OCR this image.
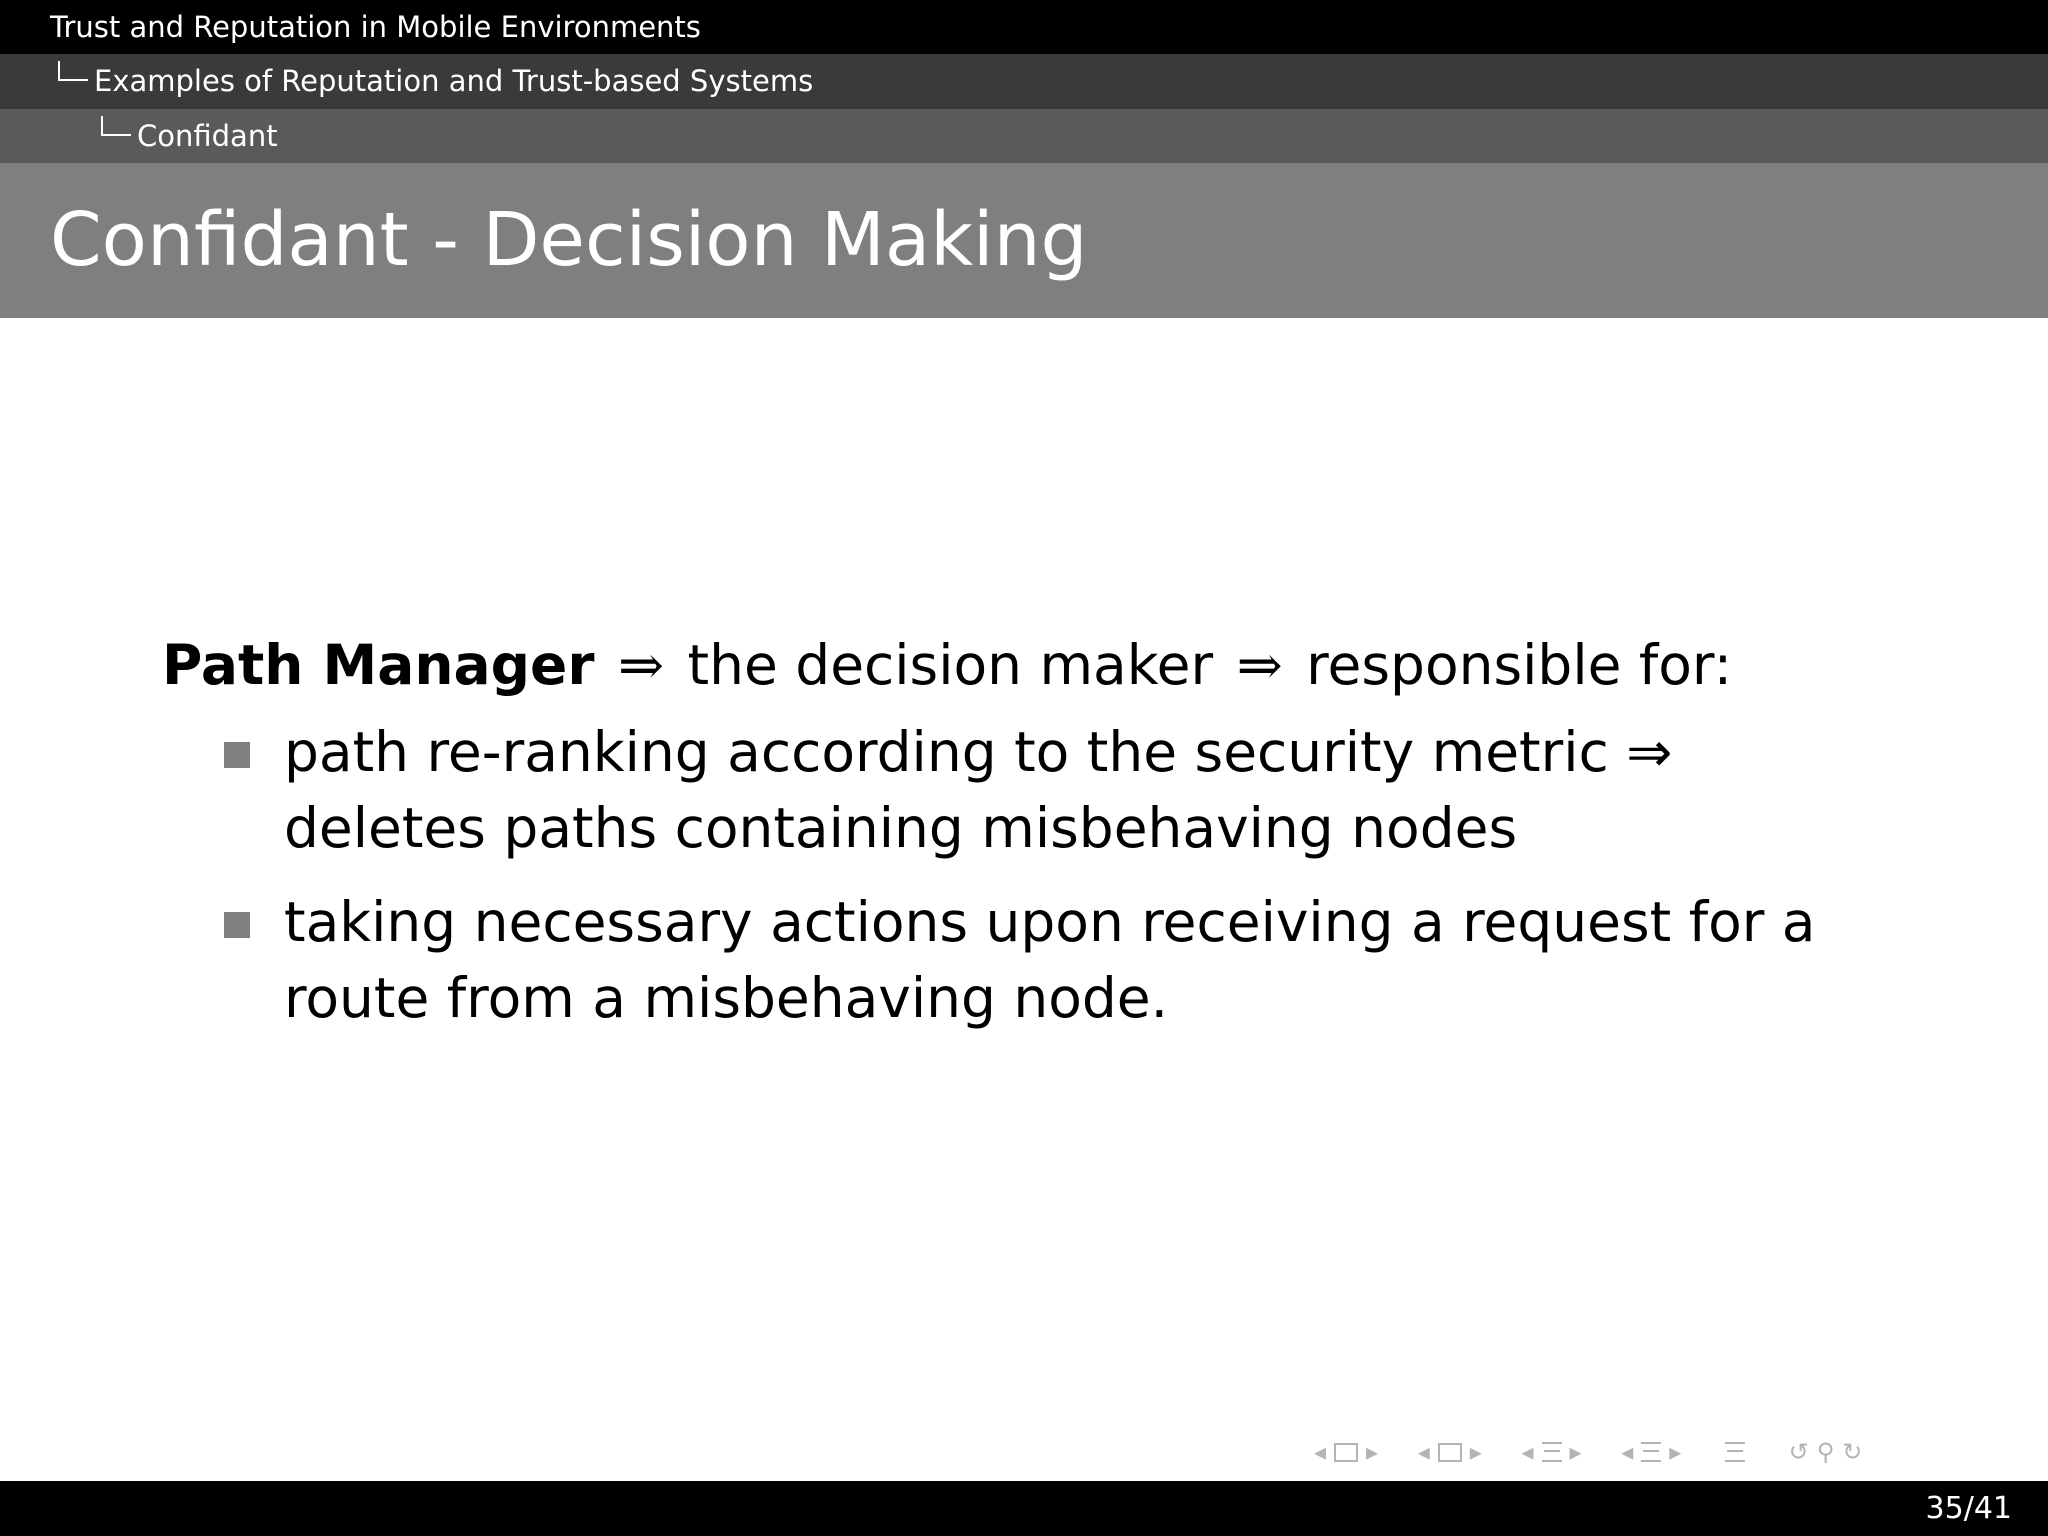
Trust and Reputation in Mobile Environments
Examples of Reputation and Trust-based Systems
Confidant
Confidant - Decision Making
Path Manager ⇒ the decision maker ⇒ responsible for:
path re-ranking according to the security metric ⇒ deletes paths containing misbehaving nodes
taking necessary actions upon receiving a request for a route from a misbehaving node.
◂ ▸ ◂ ▸ ◂ ▸ ◂ ▸	↺ ⚲ ↻
35/41
